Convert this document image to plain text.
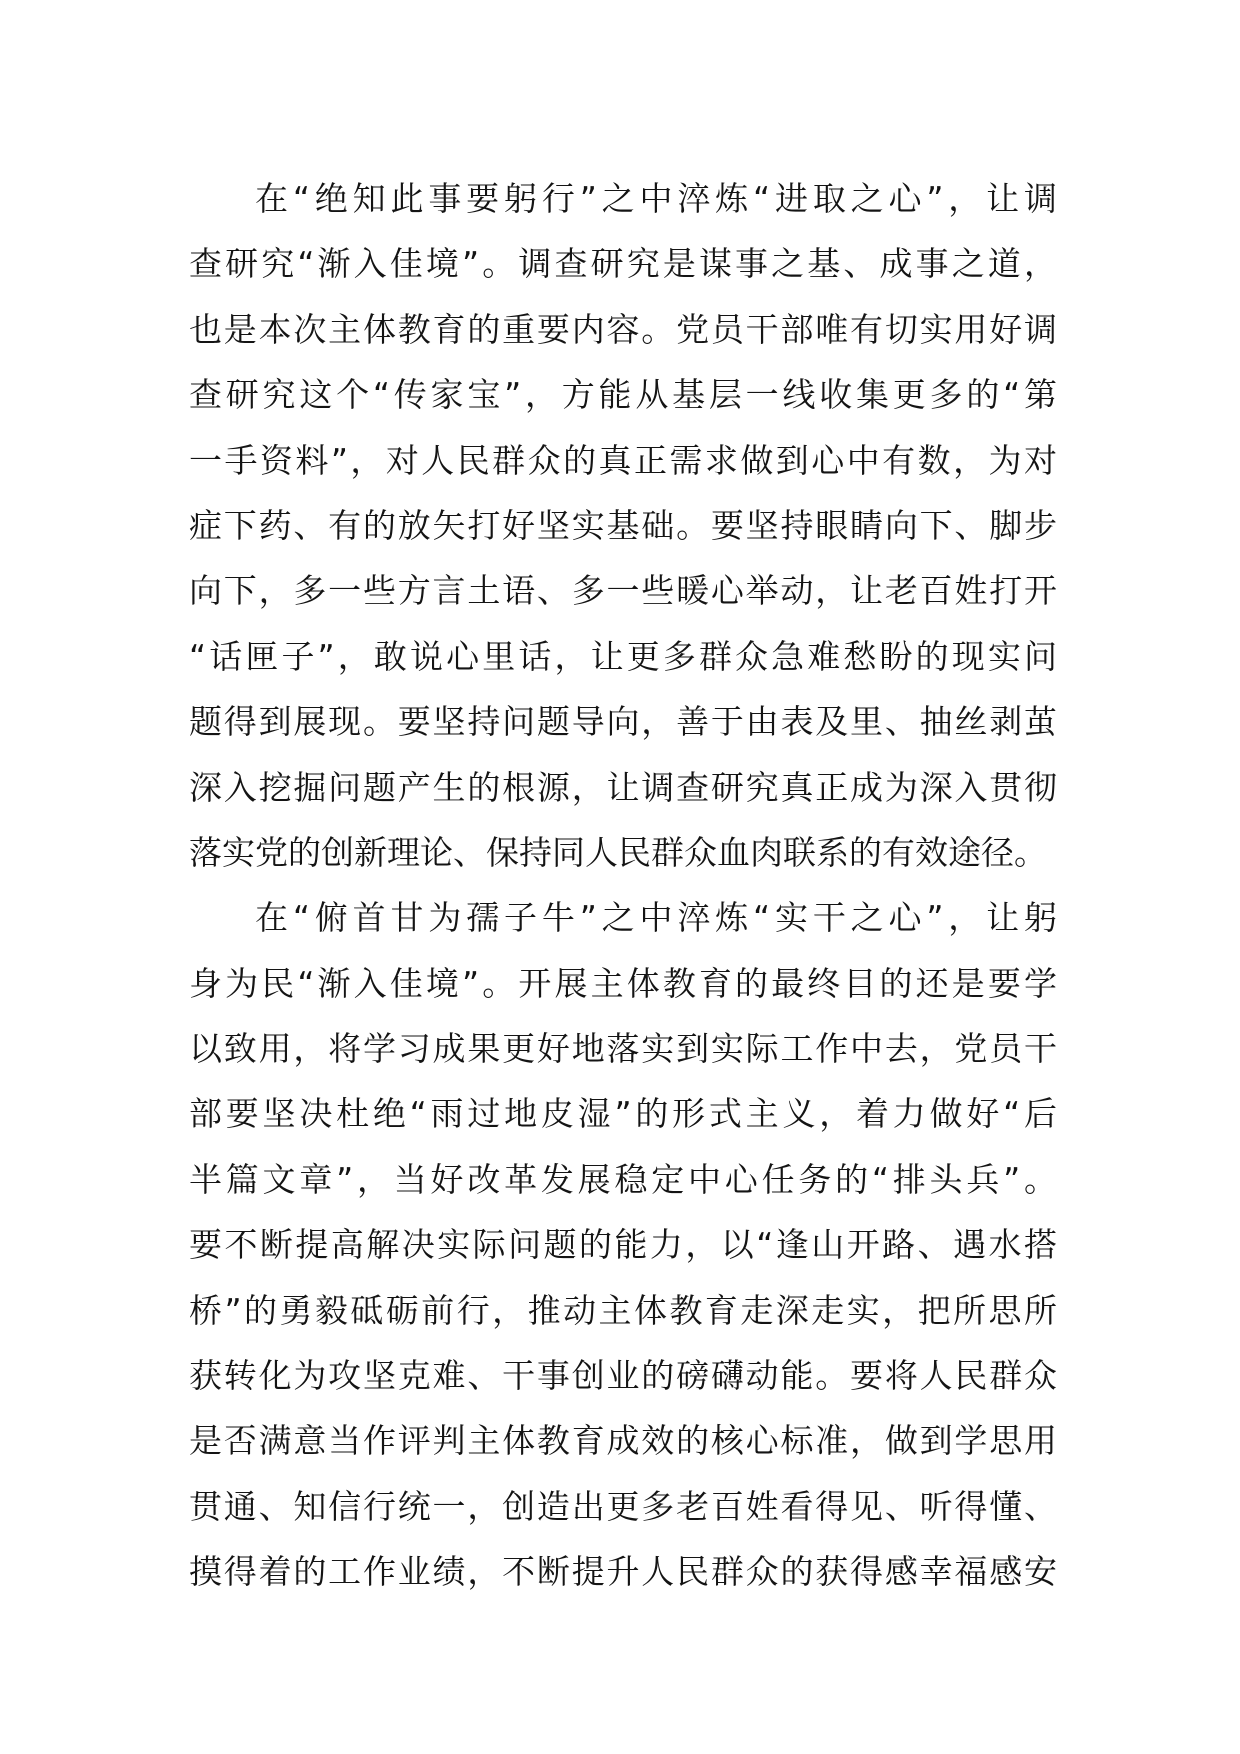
在“绝知此事要躬行”之中淬炼“进取之心”，让调
查研究“渐入佳境”。调查研究是谋事之基、成事之道，
也是本次主体教育的重要内容。党员干部唯有切实用好调
查研究这个“传家宝”，方能从基层一线收集更多的“第
一手资料”，对人民群众的真正需求做到心中有数，为对
症下药、有的放矢打好坚实基础。要坚持眼睛向下、脚步
向下，多一些方言土语、多一些暖心举动，让老百姓打开
“话匣子”，敢说心里话，让更多群众急难愁盼的现实问
题得到展现。要坚持问题导向，善于由表及里、抽丝剥茧
深入挖掘问题产生的根源，让调查研究真正成为深入贯彻
落实党的创新理论、保持同人民群众血肉联系的有效途径。
在“俯首甘为孺子牛”之中淬炼“实干之心”，让躬
身为民“渐入佳境”。开展主体教育的最终目的还是要学
以致用，将学习成果更好地落实到实际工作中去，党员干
部要坚决杜绝“雨过地皮湿”的形式主义，着力做好“后
半篇文章”，当好改革发展稳定中心任务的“排头兵”。
要不断提高解决实际问题的能力，以“逢山开路、遇水搭
桥”的勇毅砥砺前行，推动主体教育走深走实，把所思所
获转化为攻坚克难、干事创业的磅礴动能。要将人民群众
是否满意当作评判主体教育成效的核心标准，做到学思用
贯通、知信行统一，创造出更多老百姓看得见、听得懂、
摸得着的工作业绩，不断提升人民群众的获得感幸福感安
